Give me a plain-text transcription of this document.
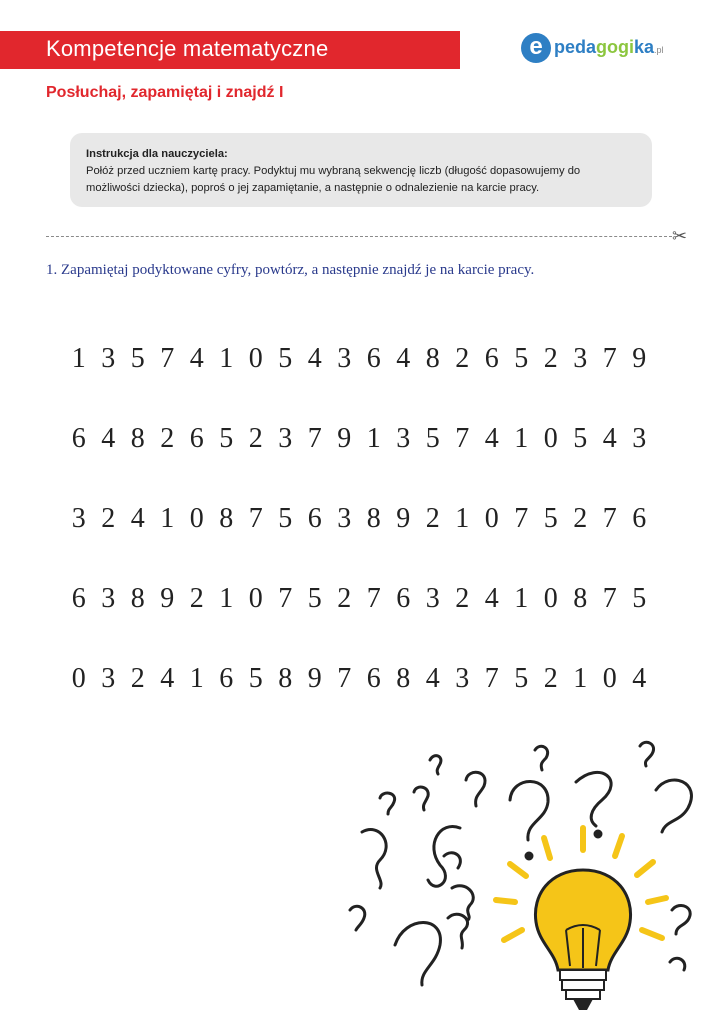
Kompetencje matematyczne	e pedagogika.pl
Posłuchaj, zapamiętaj i znajdź I
Instrukcja dla nauczyciela:
Połóż przed uczniem kartę pracy. Podyktuj mu wybraną sekwencję liczb (długość dopasowujemy do możliwości dziecka), poproś o jej zapamiętanie, a następnie o odnalezienie na karcie pracy.
✂
1. Zapamiętaj podyktowane cyfry, powtórz, a następnie znajdź je na karcie pracy.
1 3 5 7 4 1 0 5 4 3 6 4 8 2 6 5 2 3 7 9
6 4 8 2 6 5 2 3 7 9 1 3 5 7 4 1 0 5 4 3
3 2 4 1 0 8 7 5 6 3 8 9 2 1 0 7 5 2 7 6
6 3 8 9 2 1 0 7 5 2 7 6 3 2 4 1 0 8 7 5
0 3 2 4 1 6 5 8 9 7 6 8 4 3 7 5 2 1 0 4
